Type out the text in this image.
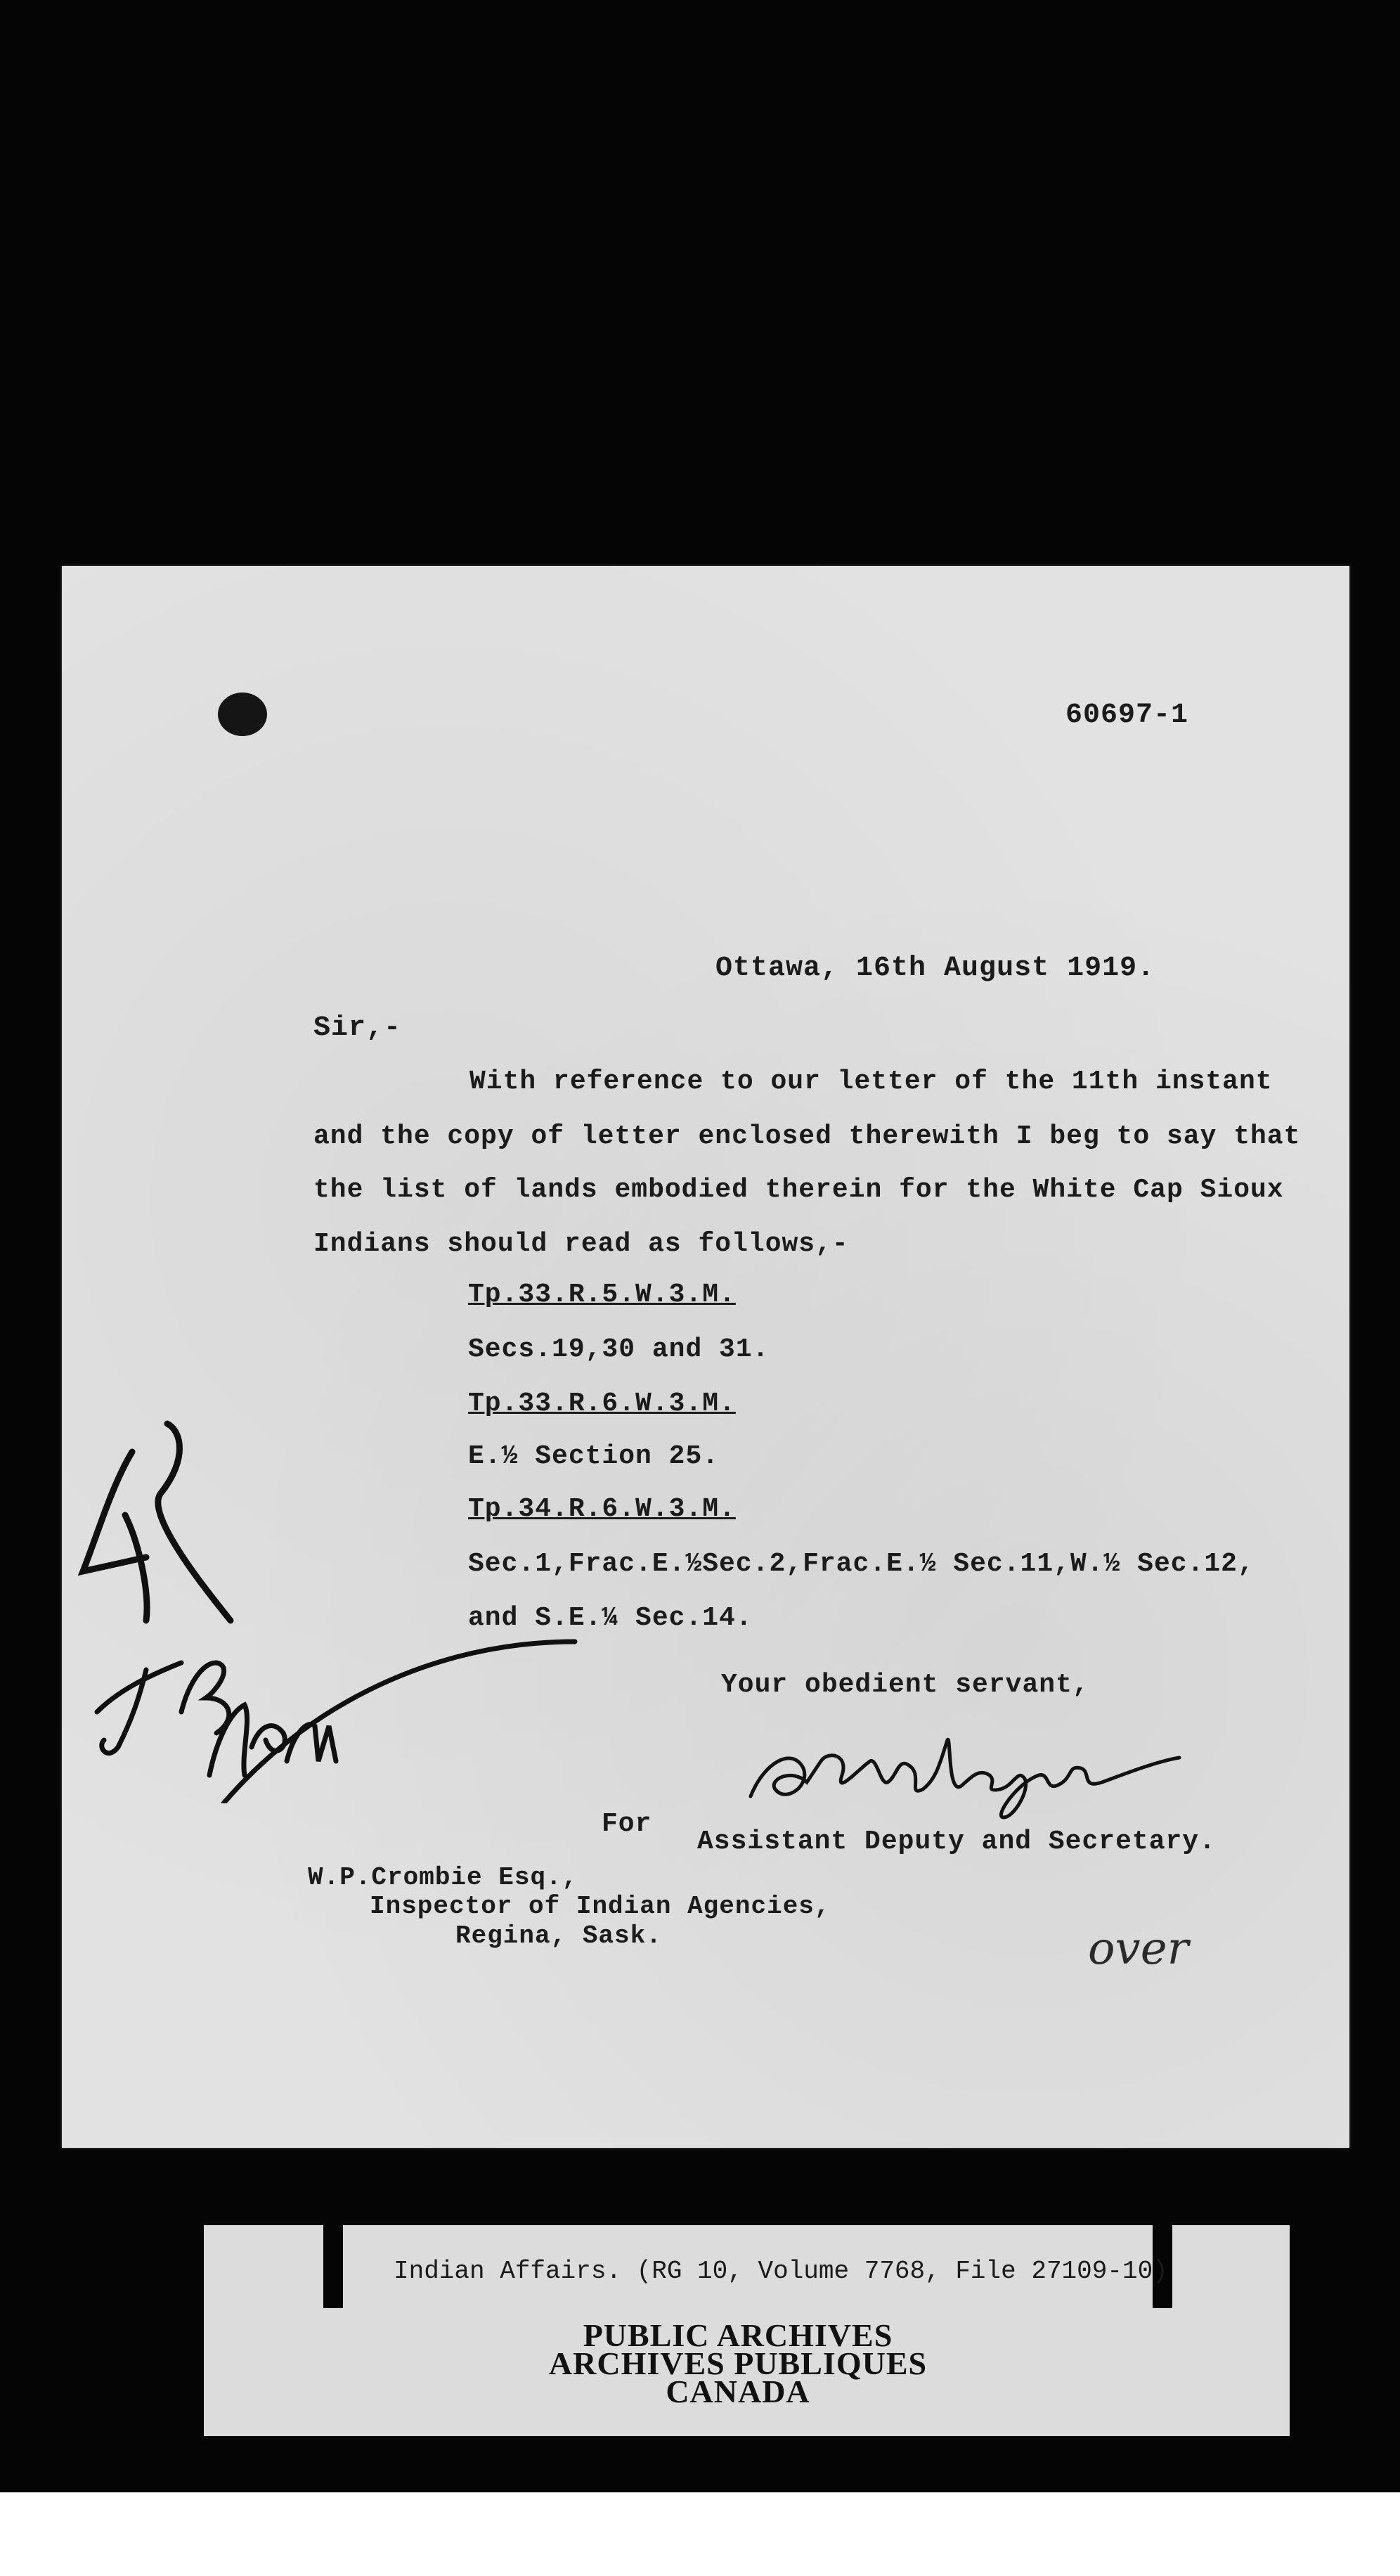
60697-1
Ottawa, 16th August 1919.
Sir,-
With reference to our letter of the 11th instant
and the copy of letter enclosed therewith I beg to say that
the list of lands embodied therein for the White Cap Sioux
Indians should read as follows,-
Tp.33.R.5.W.3.M.
Secs.19,30 and 31.
Tp.33.R.6.W.3.M.
E.½ Section 25.
Tp.34.R.6.W.3.M.
Sec.1,Frac.E.½Sec.2,Frac.E.½ Sec.11,W.½ Sec.12,
and S.E.¼ Sec.14.
Your obedient servant,
For
Assistant Deputy and Secretary.
W.P.Crombie Esq.,
Inspector of Indian Agencies,
Regina, Sask.	over
Indian Affairs. (RG 10, Volume 7768, File 27109-10)
PUBLIC ARCHIVES
ARCHIVES PUBLIQUES
CANADA
